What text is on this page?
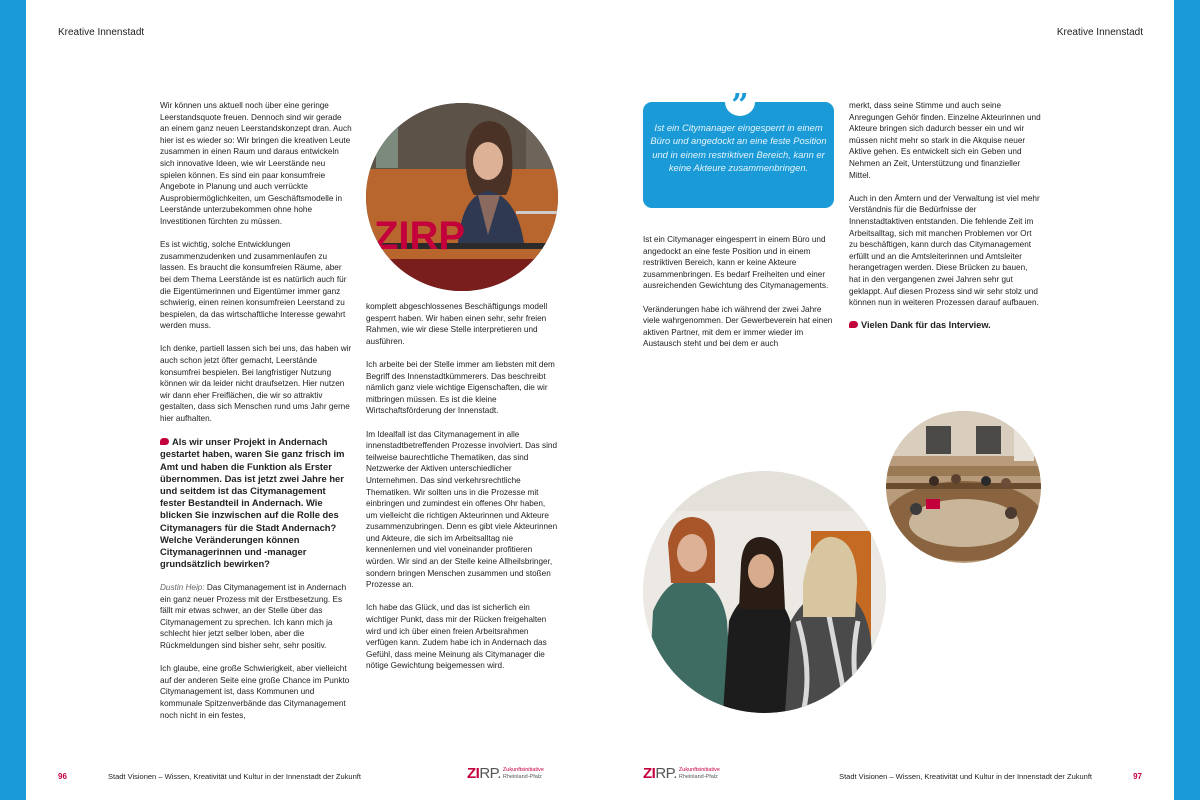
Kreative Innenstadt

Wir können uns aktuell noch über eine geringe Leerstandsquote freuen. Dennoch sind wir gerade an einem ganz neuen Leerstandskonzept dran. Auch hier ist es wieder so: Wir bringen die kreativen Leute zusammen in einen Raum und daraus entwickeln sich innovative Ideen, wie wir Leerstände neu spielen können. Es sind ein paar konsumfreie Angebote in Planung und auch verrückte Ausprobiermöglichkeiten, um Geschäftsmodelle in Leerstände unterzubekommen ohne hohe Investitionen fürchten zu müssen.

Es ist wichtig, solche Entwicklungen zusammenzudenken und zusammenlaufen zu lassen. Es braucht die konsumfreien Räume, aber bei dem Thema Leerstände ist es natürlich auch für die Eigentümerinnen und Eigentümer immer ganz schwierig, einen reinen konsumfreien Leerstand zu bespielen, da das wirtschaftliche Interesse gewahrt werden muss.

Ich denke, partiell lassen sich bei uns, das haben wir auch schon jetzt öfter gemacht, Leerstände konsumfrei bespielen. Bei langfristiger Nutzung können wir da leider nicht draufsetzen. Hier nutzen wir dann eher Freiflächen, die wir so attraktiv gestalten, dass sich Menschen rund ums Jahr gerne hier aufhalten.

Als wir unser Projekt in Andernach gestartet haben, waren Sie ganz frisch im Amt und haben die Funktion als Erster übernommen. Das ist jetzt zwei Jahre her und seitdem ist das Citymanagement fester Bestandteil in Andernach. Wie blicken Sie inzwischen auf die Rolle des Citymanagers für die Stadt Andernach? Welche Veränderungen können Citymanagerinnen und -manager grundsätzlich bewirken?

Dustin Heip: Das Citymanagement ist in Andernach ein ganz neuer Prozess mit der Erstbesetzung. Es fällt mir etwas schwer, an der Stelle über das Citymanagement zu sprechen. Ich kann mich ja schlecht hier jetzt selber loben, aber die Rückmeldungen sind bisher sehr, sehr positiv.

Ich glaube, eine große Schwierigkeit, aber vielleicht auf der anderen Seite eine große Chance im Punkto Citymanagement ist, dass Kommunen und kommunale Spitzenverbände das Citymanagement noch nicht in ein festes,

ZIRP

komplett abgeschlossenes Beschäftigungs modell gesperrt haben. Wir haben einen sehr, sehr freien Rahmen, wie wir diese Stelle interpretieren und ausführen.

Ich arbeite bei der Stelle immer am liebsten mit dem Begriff des Innenstadtkümmerers. Das beschreibt nämlich ganz viele wichtige Eigenschaften, die wir mitbringen müssen. Es ist die kleine Wirtschaftsförderung der Innenstadt.

Im Idealfall ist das Citymanagement in alle innenstadtbetreffenden Prozesse involviert. Das sind teilweise baurechtliche Thematiken, das sind Netzwerke der Aktiven unterschiedlicher Unternehmen. Das sind verkehrsrechtliche Thematiken. Wir sollten uns in die Prozesse mit einbringen und zumindest ein offenes Ohr haben, um vielleicht die richtigen Akteurinnen und Akteure zusammenzubringen. Denn es gibt viele Akteurinnen und Akteure, die sich im Arbeitsalltag nie kennenlernen und viel voneinander profitieren würden. Wir sind an der Stelle keine Allheilsbringer, sondern bringen Menschen zusammen und stoßen Prozesse an.

Ich habe das Glück, und das ist sicherlich ein wichtiger Punkt, dass mir der Rücken freigehalten wird und ich über einen freien Arbeitsrahmen verfügen kann. Zudem habe ich in Andernach das Gefühl, dass meine Meinung als Citymanager die nötige Gewichtung beigemessen wird.

96	Stadt Visionen – Wissen, Kreativität und Kultur in der Innenstadt der Zukunft	ZIRP. Zukunftsinitiative
Rheinland-Pfalz
Kreative Innenstadt
97
Stadt Visionen – Wissen, Kreativität und Kultur in der Innenstadt der Zukunft
ZIRP. Zukunftsinitiative
Rheinland-Pfalz
”
Ist ein Citymanager eingesperrt in einem Büro und angedockt an eine feste Position und in einem restriktiven Bereich, kann er keine Akteure zusammenbringen.

Ist ein Citymanager eingesperrt in einem Büro und angedockt an eine feste Position und in einem restriktiven Bereich, kann er keine Akteure zusammenbringen. Es bedarf Freiheiten und einer ausreichenden Gewichtung des Citymanagements.

Veränderungen habe ich während der zwei Jahre viele wahrgenommen. Der Gewerbeverein hat einen aktiven Partner, mit dem er immer wieder im Austausch steht und bei dem er auch

merkt, dass seine Stimme und auch seine Anregungen Gehör finden. Einzelne Akteurinnen und Akteure bringen sich dadurch besser ein und wir müssen nicht mehr so stark in die Akquise neuer Aktive gehen. Es entwickelt sich ein Geben und Nehmen an Zeit, Unterstützung und finanzieller Mittel.

Auch in den Ämtern und der Verwaltung ist viel mehr Verständnis für die Bedürfnisse der Innenstadtaktiven entstanden. Die fehlende Zeit im Arbeitsalltag, sich mit manchen Problemen vor Ort zu beschäftigen, kann durch das Citymanagement erfüllt und an die Amtsleiterinnen und Amtsleiter herangetragen werden. Diese Brücken zu bauen, hat in den vergangenen zwei Jahren sehr gut geklappt. Auf diesen Prozess sind wir sehr stolz und können nun in weiteren Prozessen darauf aufbauen.

Vielen Dank für das Interview.
